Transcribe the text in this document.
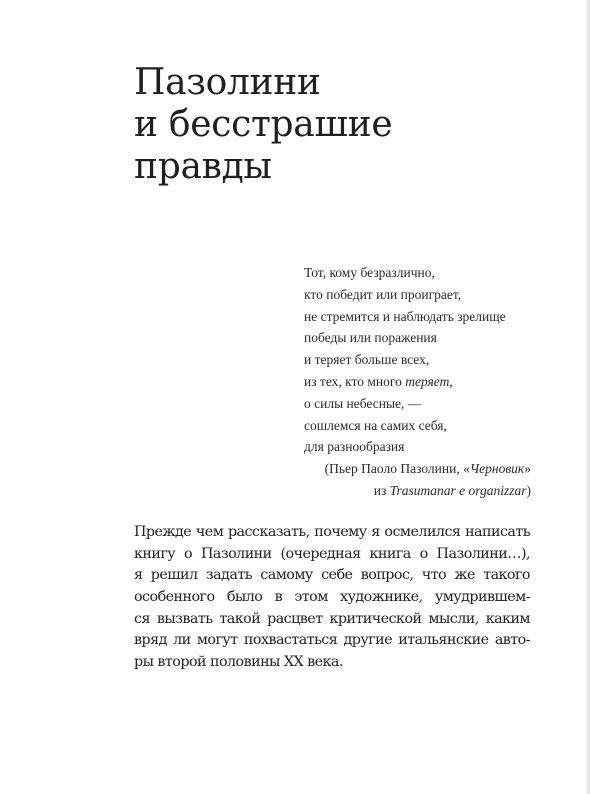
Пазолини
и бесстрашие
правды
Тот, кому безразлично,
кто победит или проиграет,
не стремится и наблюдать зрелище
победы или поражения
и теряет больше всех,
из тех, кто много теряет,
о силы небесные, —
сошлемся на самих себя,
для разнообразия
(Пьер Паоло Пазолини, «Черновик»
из Trasumanar e organizzar)
Прежде чем рассказать, почему я осмелился написать
книгу о Пазолини (очередная книга о Пазолини…),
я решил задать самому себе вопрос, что же такого
особенного было в этом художнике, умудрившем-
ся вызвать такой расцвет критической мысли, каким
вряд ли могут похвастаться другие итальянские авто-
ры второй половины XX века.
